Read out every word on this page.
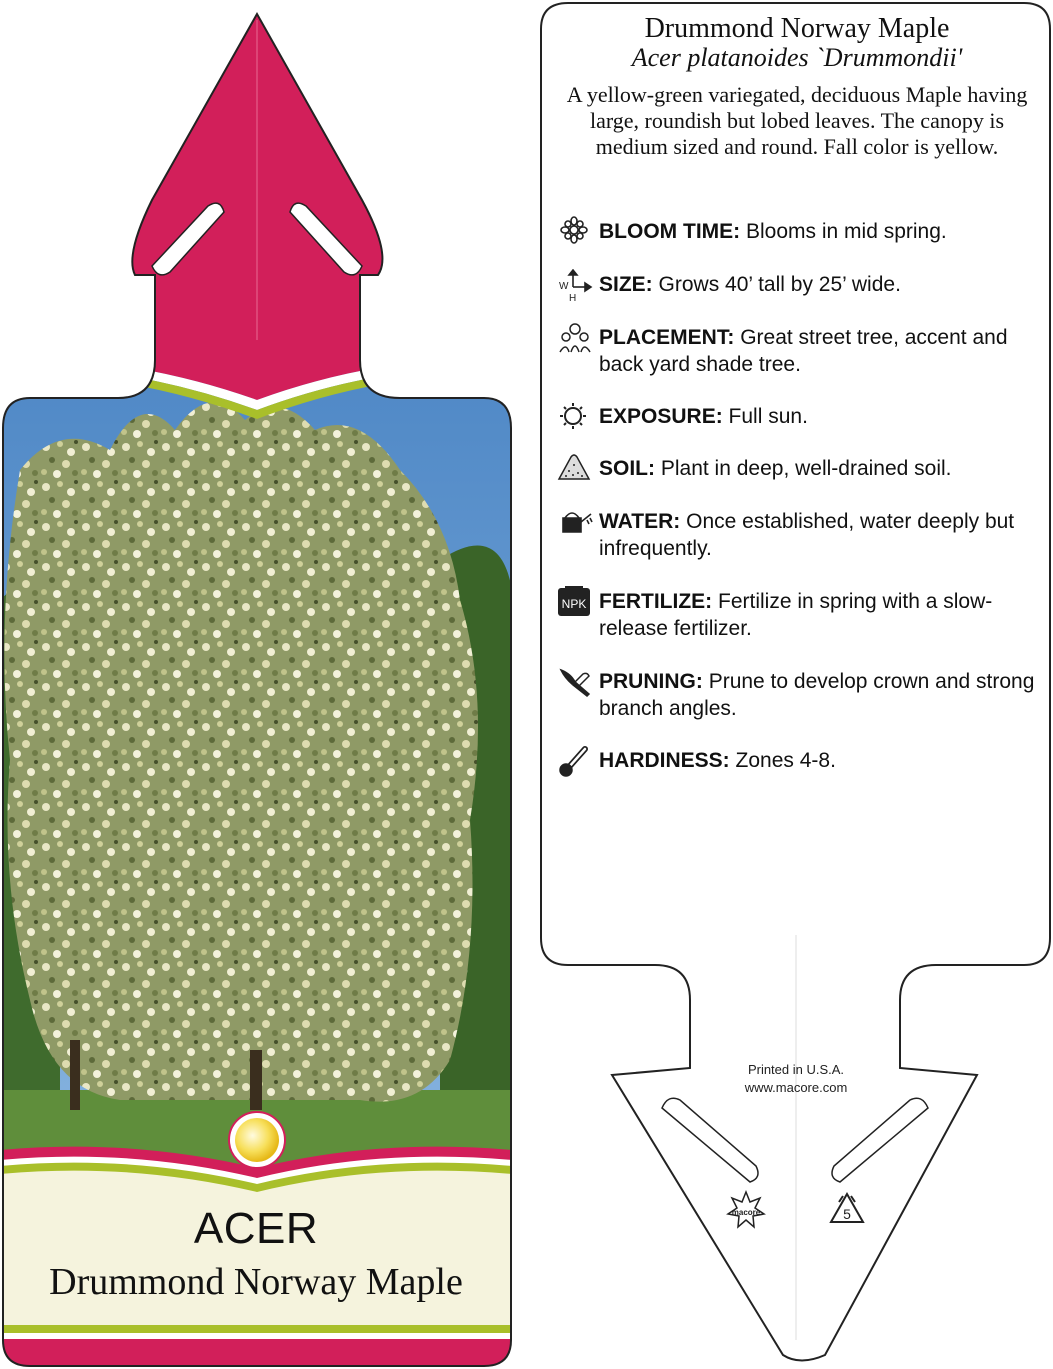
ACER
Drummond Norway Maple

Drummond Norway Maple

Acer platanoides `Drummondii'

A yellow-green variegated, deciduous Maple having large, roundish but lobed leaves. The canopy is medium sized and round. Fall color is yellow.

BLOOM TIME: Blooms in mid spring.
W
H
SIZE: Grows 40’ tall by 25’ wide.
PLACEMENT: Great street tree, accent and back yard shade tree.
EXPOSURE: Full sun.
SOIL: Plant in deep, well-drained soil.
WATER: Once established, water deeply but infrequently.
NPK FERTILIZE: Fertilize in spring with a slow-release fertilizer.
PRUNING: Prune to develop crown and strong branch angles.
HARDINESS: Zones 4-8.
Printed in U.S.A.
www.macore.com
macore	5
